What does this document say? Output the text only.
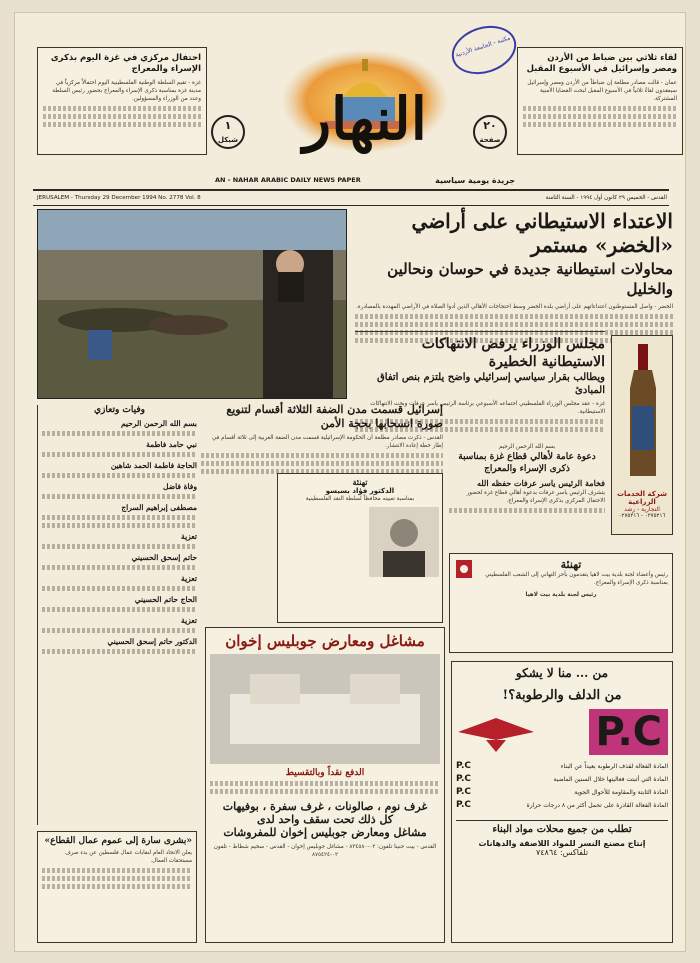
لقاء ثلاثي بين ضباط من الأردن ومصر وإسرائيل في الأسبوع المقبل
عمان - قالت مصادر مطلعة إن ضباطاً من الأردن ومصر وإسرائيل سيعقدون لقاءً ثلاثياً في الأسبوع المقبل لبحث القضايا الأمنية المشتركة.
احتفال مركزي في غزة اليوم بذكرى الإسراء والمعراج
غزة - تقيم السلطة الوطنية الفلسطينية اليوم احتفالاً مركزياً في مدينة غزة بمناسبة ذكرى الإسراء والمعراج بحضور رئيس السلطة وعدد من الوزراء والمسؤولين.	النهار
مكتبة - الجامعة الأردنية
٢٠
صفحة
١
شيكل
AN - NAHAR ARABIC DAILY NEWS PAPER	جريدة يومية سياسية
JERUSALEM - Thursday 29 December 1994 No. 2778 Vol. 8	القدس - الخميس ٢٩ كانون أول ١٩٩٤ - السنة الثامنة
الاعتداء الاستيطاني على أراضي «الخضر» مستمر
محاولات استيطانية جديدة في حوسان ونحالين والخليل
الخضر - واصل المستوطنون اعتداءاتهم على أراضي بلدة الخضر وسط احتجاجات الأهالي الذين أدوا الصلاة في الأراضي المهددة بالمصادرة.
مجلس الوزراء يرفض الانتهاكات الاستيطانية الخطيرة
ويطالب بقرار سياسي إسرائيلي واضح يلتزم بنص اتفاق المبادئ
غزة - عقد مجلس الوزراء الفلسطيني اجتماعه الأسبوعي برئاسة الرئيس ياسر عرفات وبحث الانتهاكات الاستيطانية.
شركة الخدمات الزراعية
التجارية - رشد
٠٢٧٥٢١٦ - ٠٢٧٥٢١٦
بسم الله الرحمن الرحيم
دعوة عامة لأهالي قطاع غزة بمناسبة ذكرى الإسراء والمعراج
فخامة الرئيس ياسر عرفات حفظه الله
يتشرف الرئيس ياسر عرفات بدعوة أهالي قطاع غزة لحضور الاحتفال المركزي بذكرى الإسراء والمعراج.
تهنئة
رئيس وأعضاء لجنة بلدية بيت لاهيا يتقدمون بأحر التهاني إلى الشعب الفلسطيني بمناسبة ذكرى الإسراء والمعراج.
رئيس لجنة بلدية بيت لاهيا
إسرائيل قسمت مدن الضفة الثلاثة أقسام لتنويع صورة انسحابها بحجة الأمن
القدس - ذكرت مصادر مطلعة أن الحكومة الإسرائيلية قسمت مدن الضفة الغربية إلى ثلاثة أقسام في إطار خطة إعادة الانتشار.
تهنئة
الدكتور فؤاد بسيسو
بمناسبة تعيينه محافظاً لسلطة النقد الفلسطينية
وفيات وتعازي
بسم الله الرحمن الرحيم
نبي حامد فاطمة
الحاجة فاطمة الحمد شاهين
وفاة فاضل
مصطفى إبراهيم السراج
تعزية
حاتم إسحق الحسيني
تعزية
الحاج حاتم الحسيني
تعزية
الدكتور حاتم إسحق الحسيني
«بشرى سارة إلى عموم عمال القطاع»
يعلن الاتحاد العام لنقابات عمال فلسطين عن بدء صرف مستحقات العمال.
مشاغل ومعارض جوبليس إخوان
الدفع نقداً وبالتقسيط
غرف نوم ، صالونات ، غرف سفرة ، بوفيهات
كل ذلك تحت سقف واحد لدى
مشاغل ومعارض جوبليس إخوان للمفروشات
القدس - بيت حنينا تلفون: ٠٢-٨٣٤٥٨٠ - مشاغل جوبليس إخوان - القدس - سخيم شطاط - تلفون ٠٢-٨٧٥٤٢٤
من ... منا لا يشكو
من الدلف والرطوبة؟!
P.C
المادة الفعالة لقذف الرطوبة بعيداً عن البناء
P.C
المادة التي أثبتت فعاليتها خلال السنين الماضية
P.C
المادة الثابتة والمقاومة للأحوال الجوية
P.C
المادة الفعالة القادرة على تحمل أكثر من ٨ درجات حرارة
P.C
تطلب من جميع محلات مواد البناء
إنتاج مصنع النسر للمواد اللاصقة والدهانات
تلفاكس: ٧٤٨٦٤
